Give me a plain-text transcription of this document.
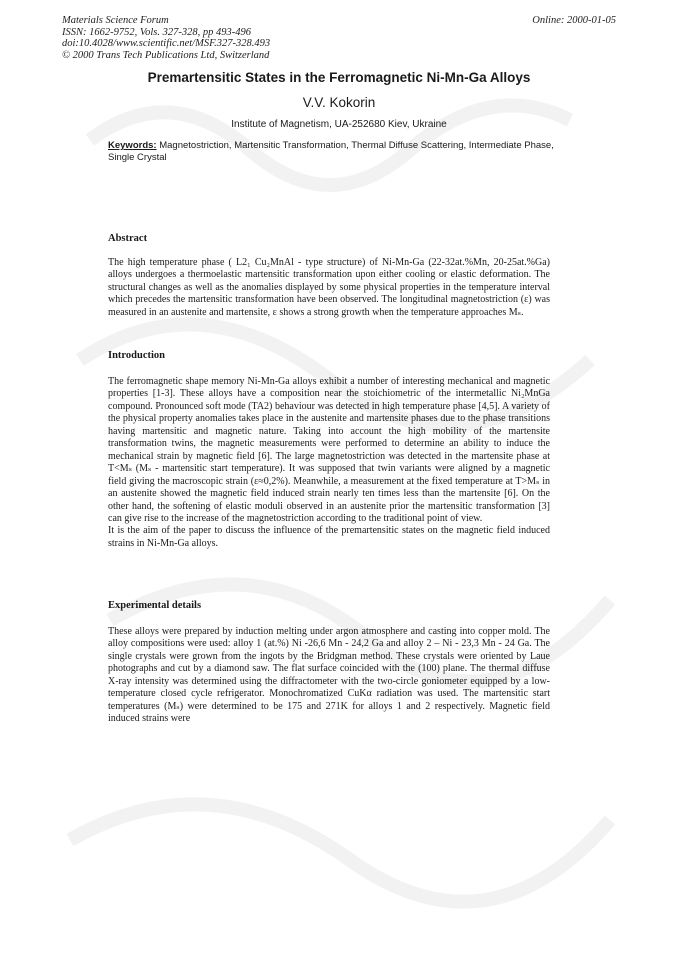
Materials Science Forum
ISSN: 1662-9752, Vols. 327-328, pp 493-496
doi:10.4028/www.scientific.net/MSF.327-328.493
© 2000 Trans Tech Publications Ltd, Switzerland
Online: 2000-01-05
Premartensitic States in the Ferromagnetic Ni-Mn-Ga Alloys
V.V. Kokorin
Institute of Magnetism, UA-252680 Kiev, Ukraine
Keywords: Magnetostriction, Martensitic Transformation, Thermal Diffuse Scattering, Intermediate Phase, Single Crystal
Abstract

The high temperature phase ( L2₁ Cu₂MnAl - type structure) of Ni-Mn-Ga (22-32at.%Mn, 20-25at.%Ga) alloys undergoes a thermoelastic martensitic transformation upon either cooling or elastic deformation. The structural changes as well as the anomalies displayed by some physical properties in the temperature interval which precedes the martensitic transformation have been observed. The longitudinal magnetostriction (ε) was measured in an austenite and martensite, ε shows a strong growth when the temperature approaches Mₛ.

Introduction

The ferromagnetic shape memory Ni-Mn-Ga alloys exhibit a number of interesting mechanical and magnetic properties [1-3]. These alloys have a composition near the stoichiometric of the intermetallic Ni₂MnGa compound. Pronounced soft mode (TA2) behaviour was detected in high temperature phase [4,5]. A variety of the physical property anomalies takes place in the austenite and martensite phases due to the phase transitions having martensitic and magnetic nature. Taking into account the high mobility of the martensite transformation twins, the magnetic measurements were performed to determine an ability to induce the mechanical strain by magnetic field [6]. The large magnetostriction was detected in the martensite phase at T<Mₛ (Mₛ - martensitic start temperature). It was supposed that twin variants were aligned by a magnetic field giving the macroscopic strain (ε≈0,2%). Meanwhile, a measurement at the fixed temperature at T>Mₛ in an austenite showed the magnetic field induced strain nearly ten times less than the martensite [6]. On the other hand, the softening of elastic moduli observed in an austenite prior the martensitic transformation [3] can give rise to the increase of the magnetostriction according to the traditional point of view.

It is the aim of the paper to discuss the influence of the premartensitic states on the magnetic field induced strains in Ni-Mn-Ga alloys.

Experimental details

These alloys were prepared by induction melting under argon atmosphere and casting into copper mold. The alloy compositions were used: alloy 1 (at.%) Ni -26,6 Mn - 24,2 Ga and alloy 2 – Ni - 23,3 Mn - 24 Ga. The single crystals were grown from the ingots by the Bridgman method. These crystals were oriented by Laue photographs and cut by a diamond saw. The flat surface coincided with the (100) plane. The thermal diffuse X-ray intensity was determined using the diffractometer with the two-circle goniometer equipped by a low-temperature closed cycle refrigerator. Monochromatized CuKα radiation was used. The martensitic start temperatures (Mₛ) were determined to be 175 and 271K for alloys 1 and 2 respectively. Magnetic field induced strains were
